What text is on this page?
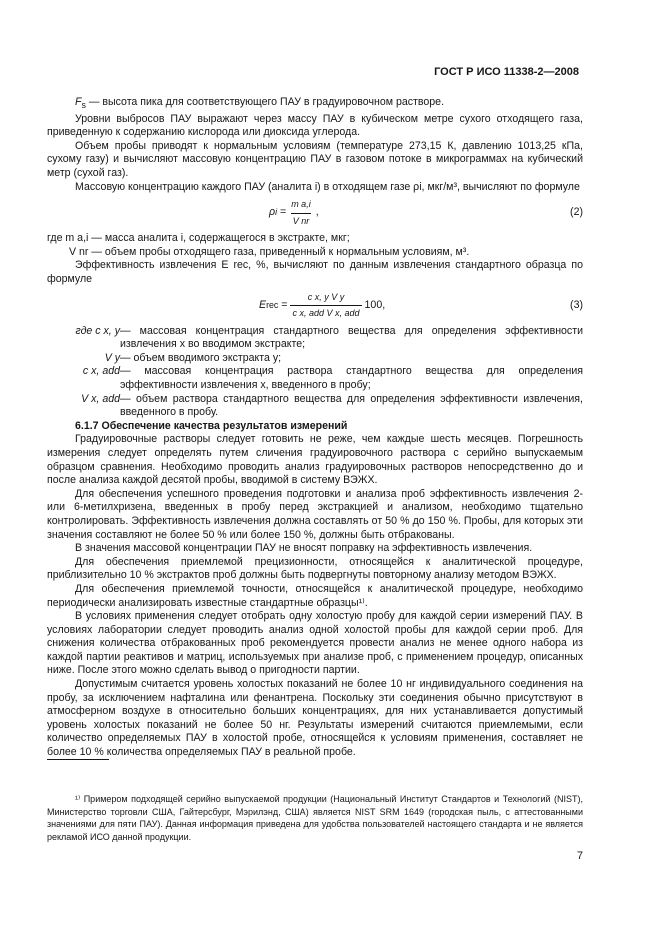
ГОСТ Р ИСО 11338-2—2008

$F_s$ — высота пика для соответствующего ПАУ в градуировочном растворе.

Уровни выбросов ПАУ выражают через массу ПАУ в кубическом метре сухого отходящего газа, приведенную к содержанию кислорода или диоксида углерода.

Объем пробы приводят к нормальным условиям (температуре 273,15 К, давлению 1013,25 кПа, сухому газу) и вычисляют массовую концентрацию ПАУ в газовом потоке в микрограммах на кубический метр (сухой газ).

Массовую концентрацию каждого ПАУ (аналита i) в отходящем газе ρi, мкг/м³, вычисляют по формуле

ρ $i = \frac{\text{m a,i}}{\text{V nr}}$ ,	(2)

где m a,i — масса аналита i, содержащегося в экстракте, мкг;

V nr — объем пробы отходящего газа, приведенный к нормальным условиям, м³.

Эффективность извлечения E rec, %, вычисляют по данным извлечения стандартного образца по формуле

E rec = $\frac{\text{c x, y V y}}{\text{c x, add V x, add}} 100$,	(3)
где c x, y — массовая концентрация стандартного вещества для определения эффективности извлечения x во вводимом экстракте;
V y — объем вводимого экстракта y;
c x, add — массовая концентрация раствора стандартного вещества для определения эффективности извлечения x, введенного в пробу;
V x, add — объем раствора стандартного вещества для определения эффективности извлечения, введенного в пробу.

6.1.7 Обеспечение качества результатов измерений

Градуировочные растворы следует готовить не реже, чем каждые шесть месяцев. Погрешность измерения следует определять путем сличения градуировочного раствора с серийно выпускаемым образцом сравнения. Необходимо проводить анализ градуировочных растворов непосредственно до и после анализа каждой десятой пробы, вводимой в систему ВЭЖХ.

Для обеспечения успешного проведения подготовки и анализа проб эффективность извлечения 2- или 6-метилхризена, введенных в пробу перед экстракцией и анализом, необходимо тщательно контролировать. Эффективность извлечения должна составлять от 50 % до 150 %. Пробы, для которых эти значения составляют не более 50 % или более 150 %, должны быть отбракованы.

В значения массовой концентрации ПАУ не вносят поправку на эффективность извлечения.

Для обеспечения приемлемой прецизионности, относящейся к аналитической процедуре, приблизительно 10 % экстрактов проб должны быть подвергнуты повторному анализу методом ВЭЖХ.

Для обеспечения приемлемой точности, относящейся к аналитической процедуре, необходимо периодически анализировать известные стандартные образцы¹⁾.

В условиях применения следует отобрать одну холостую пробу для каждой серии измерений ПАУ. В условиях лаборатории следует проводить анализ одной холостой пробы для каждой серии проб. Для снижения количества отбракованных проб рекомендуется провести анализ не менее одного набора из каждой партии реактивов и матриц, используемых при анализе проб, с применением процедур, описанных ниже. После этого можно сделать вывод о пригодности партии.

Допустимым считается уровень холостых показаний не более 10 нг индивидуального соединения на пробу, за исключением нафталина или фенантрена. Поскольку эти соединения обычно присутствуют в атмосферном воздухе в относительно больших концентрациях, для них устанавливается допустимый уровень холостых показаний не более 50 нг. Результаты измерений считаются приемлемыми, если количество определяемых ПАУ в холостой пробе, относящейся к условиям применения, составляет не более 10 % количества определяемых ПАУ в реальной пробе.

¹⁾ Примером подходящей серийно выпускаемой продукции (Национальный Институт Стандартов и Технологий (NIST), Министерство торговли США, Гайтерсбург, Мэрилэнд, США) является NIST SRM 1649 (городская пыль, с аттестованными значениями для пяти ПАУ). Данная информация приведена для удобства пользователей настоящего стандарта и не является рекламой ИСО данной продукции.

7
